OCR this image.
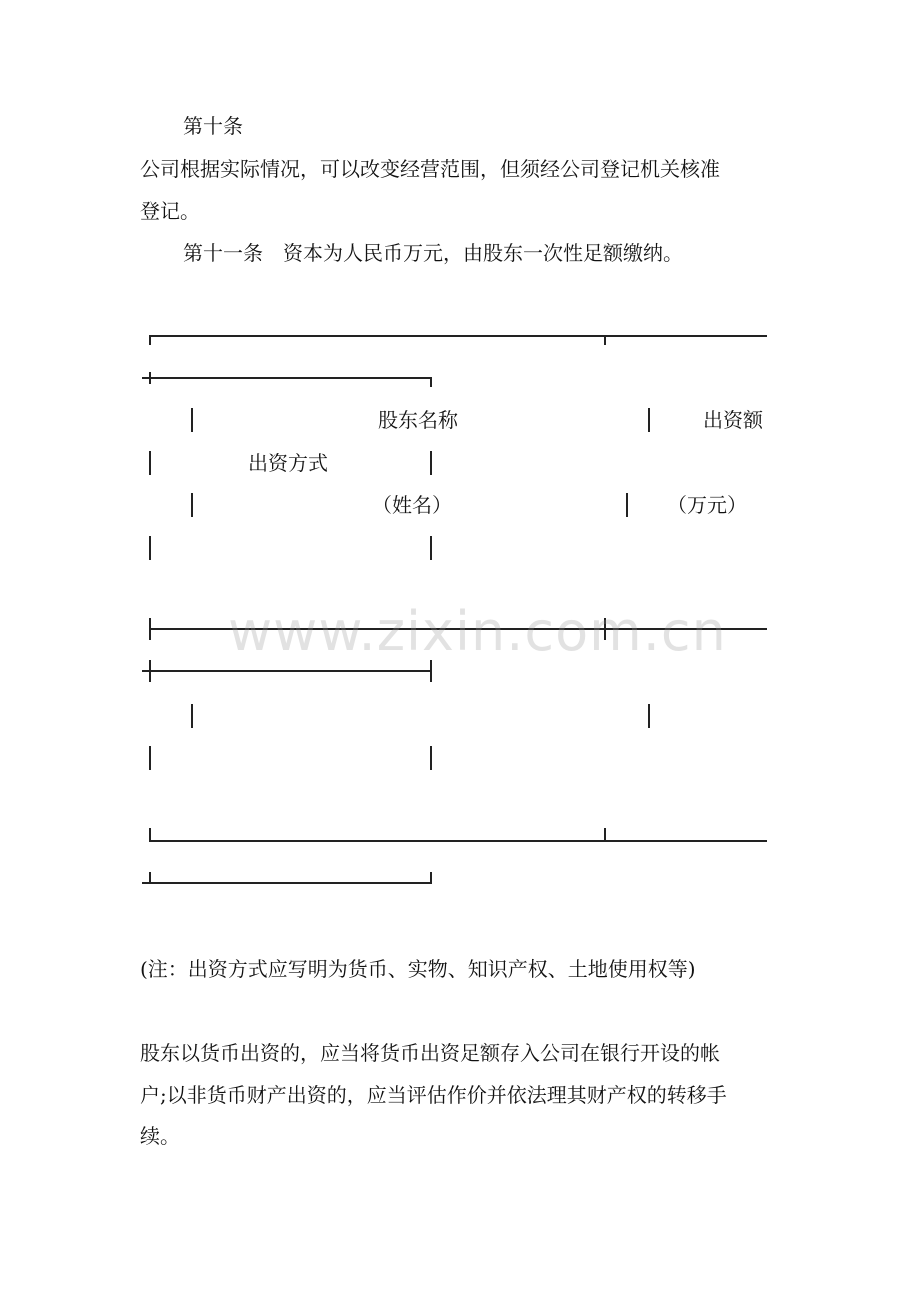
第十条
公司根据实际情况，可以改变经营范围，但须经公司登记机关核准
登记。
第十一条　资本为人民币万元，由股东一次性足额缴纳。
股东名称	出资额
出资方式
（姓名）	（万元）
www.zixin.com.cn
(注：出资方式应写明为货币、实物、知识产权、土地使用权等)
股东以货币出资的，应当将货币出资足额存入公司在银行开设的帐
户;以非货币财产出资的，应当评估作价并依法理其财产权的转移手
续。
